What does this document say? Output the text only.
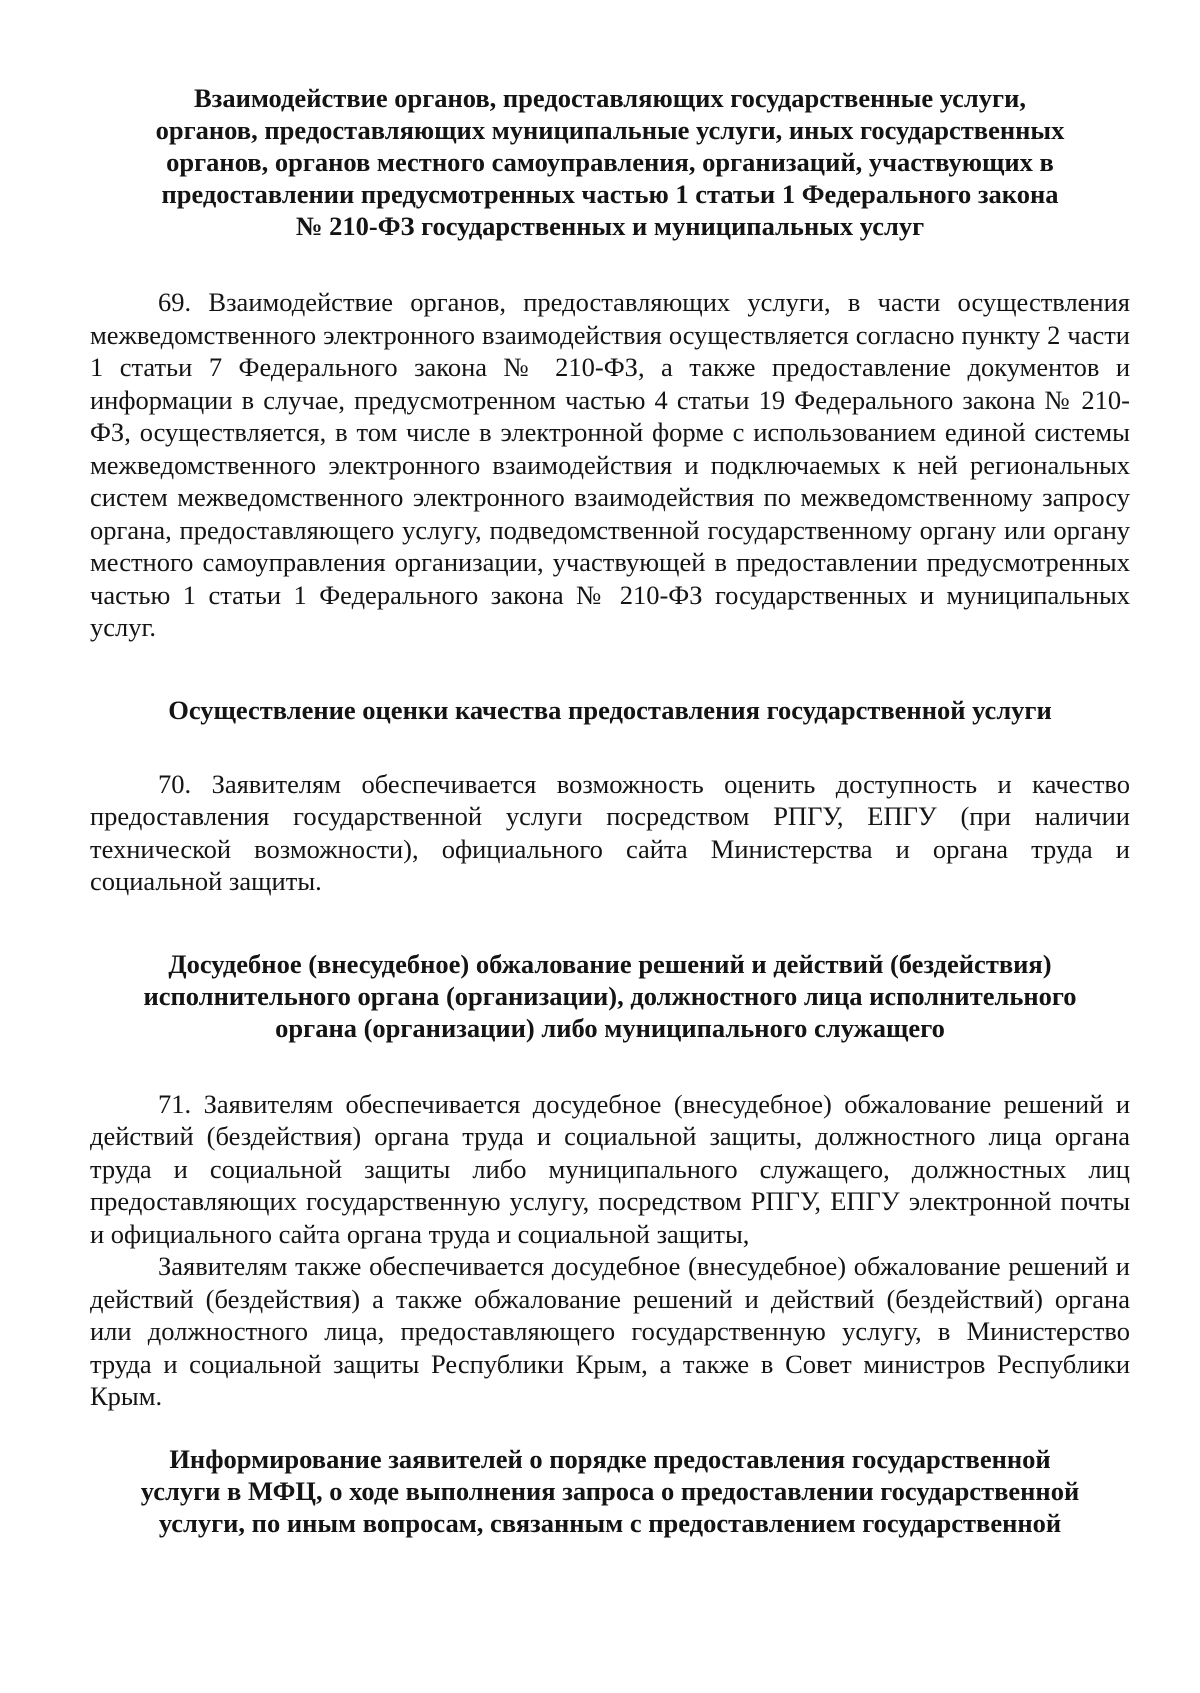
Взаимодействие органов, предоставляющих государственные услуги,
органов, предоставляющих муниципальные услуги, иных государственных
органов, органов местного самоуправления, организаций, участвующих в
предоставлении предусмотренных частью 1 статьи 1 Федерального закона
№ 210-ФЗ государственных и муниципальных услуг

69. Взаимодействие органов, предоставляющих услуги, в части осуществления межведомственного электронного взаимодействия осуществляется согласно пункту 2 части 1 статьи 7 Федерального закона № 210-ФЗ, а также предоставление документов и информации в случае, предусмотренном частью 4 статьи 19 Федерального закона № 210-ФЗ, осуществляется, в том числе в электронной форме с использованием единой системы межведомственного электронного взаимодействия и подключаемых к ней региональных систем межведомственного электронного взаимодействия по межведомственному запросу органа, предоставляющего услугу, подведомственной государственному органу или органу местного самоуправления организации, участвующей в предоставлении предусмотренных частью 1 статьи 1 Федерального закона № 210-ФЗ государственных и муниципальных услуг.

Осуществление оценки качества предоставления государственной услуги

70. Заявителям обеспечивается возможность оценить доступность и качество предоставления государственной услуги посредством РПГУ, ЕПГУ (при наличии технической возможности), официального сайта Министерства и органа труда и социальной защиты.

Досудебное (внесудебное) обжалование решений и действий (бездействия)
исполнительного органа (организации), должностного лица исполнительного
органа (организации) либо муниципального служащего

71. Заявителям обеспечивается досудебное (внесудебное) обжалование решений и действий (бездействия) органа труда и социальной защиты, должностного лица органа труда и социальной защиты либо муниципального служащего, должностных лиц предоставляющих государственную услугу, посредством РПГУ, ЕПГУ электронной почты и официального сайта органа труда и социальной защиты,

Заявителям также обеспечивается досудебное (внесудебное) обжалование решений и действий (бездействия) а также обжалование решений и действий (бездействий) органа или должностного лица, предоставляющего государственную услугу, в Министерство труда и социальной защиты Республики Крым, а также в Совет министров Республики Крым.

Информирование заявителей о порядке предоставления государственной
услуги в МФЦ, о ходе выполнения запроса о предоставлении государственной
услуги, по иным вопросам, связанным с предоставлением государственной
